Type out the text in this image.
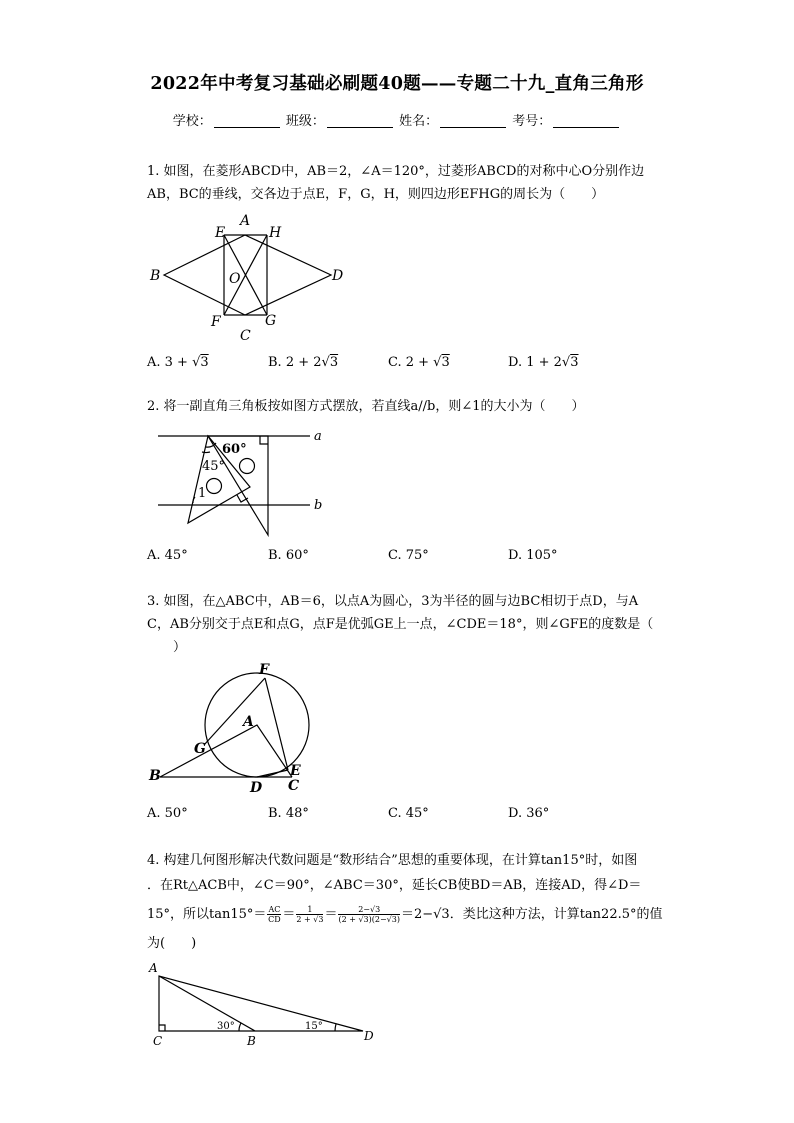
2022年中考复习基础必刷题40题——专题二十九_直角三角形
学校：	班级：	姓名：	考号：
1. 如图，在菱形ABCD中，AB＝2，∠A＝120°，过菱形ABCD的对称中心O分别作边
AB，BC的垂线，交各边于点E，F，G，H，则四边形EFHG的周长为（　　）
A
E	H
B	O	D
F	G
C
A. 3 + √3	B. 2 + 2√3	C. 2 + √3	D. 1 + 2√3
2. 将一副直角三角板按如图方式摆放，若直线a//b，则∠1的大小为（　　）
a
b
60°
45°
1
A. 45°	B. 60°	C. 75°	D. 105°
3. 如图，在△ABC中，AB＝6，以点A为圆心，3为半径的圆与边BC相切于点D，与A
C，AB分别交于点E和点G，点F是优弧GE上一点，∠CDE＝18°，则∠GFE的度数是（
　　）
F
A
G
B
D
E
C
A. 50°	B. 48°	C. 45°	D. 36°
4. 构建几何图形解决代数问题是“数形结合”思想的重要体现，在计算tan15°时，如图
．在Rt△ACB中，∠C＝90°，∠ABC＝30°，延长CB使BD＝AB，连接AD，得∠D＝
15°，所以$\tan 15^\circ= \frac{AC}{CD} = \frac{1}{2 + √3} = \frac{2-√3}{(2 + √3)(2-√3)} =2-√3$．类比这种方法，计算tan22.5°的值
为(　　)
A
C	B	D
30°	15°
